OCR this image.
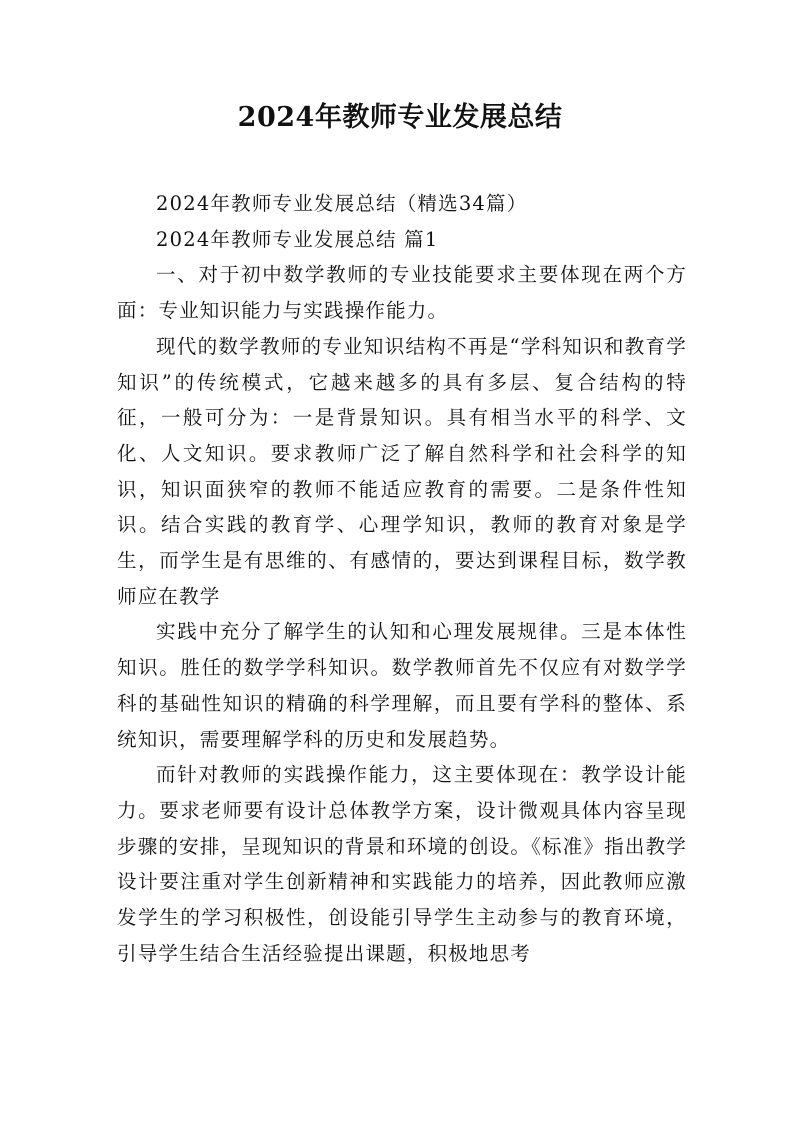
2024年教师专业发展总结

2024年教师专业发展总结（精选34篇）

2024年教师专业发展总结 篇1

一、对于初中数学教师的专业技能要求主要体现在两个方面：专业知识能力与实践操作能力。

现代的数学教师的专业知识结构不再是“学科知识和教育学知识”的传统模式，它越来越多的具有多层、复合结构的特征，一般可分为：一是背景知识。具有相当水平的科学、文化、人文知识。要求教师广泛了解自然科学和社会科学的知识，知识面狭窄的教师不能适应教育的需要。二是条件性知识。结合实践的教育学、心理学知识，教师的教育对象是学生，而学生是有思维的、有感情的，要达到课程目标，数学教师应在教学

实践中充分了解学生的认知和心理发展规律。三是本体性知识。胜任的数学学科知识。数学教师首先不仅应有对数学学科的基础性知识的精确的科学理解，而且要有学科的整体、系统知识，需要理解学科的历史和发展趋势。

而针对教师的实践操作能力，这主要体现在：教学设计能力。要求老师要有设计总体教学方案，设计微观具体内容呈现步骤的安排，呈现知识的背景和环境的创设。《标准》指出教学设计要注重对学生创新精神和实践能力的培养，因此教师应激发学生的学习积极性，创设能引导学生主动参与的教育环境，引导学生结合生活经验提出课题，积极地思考
